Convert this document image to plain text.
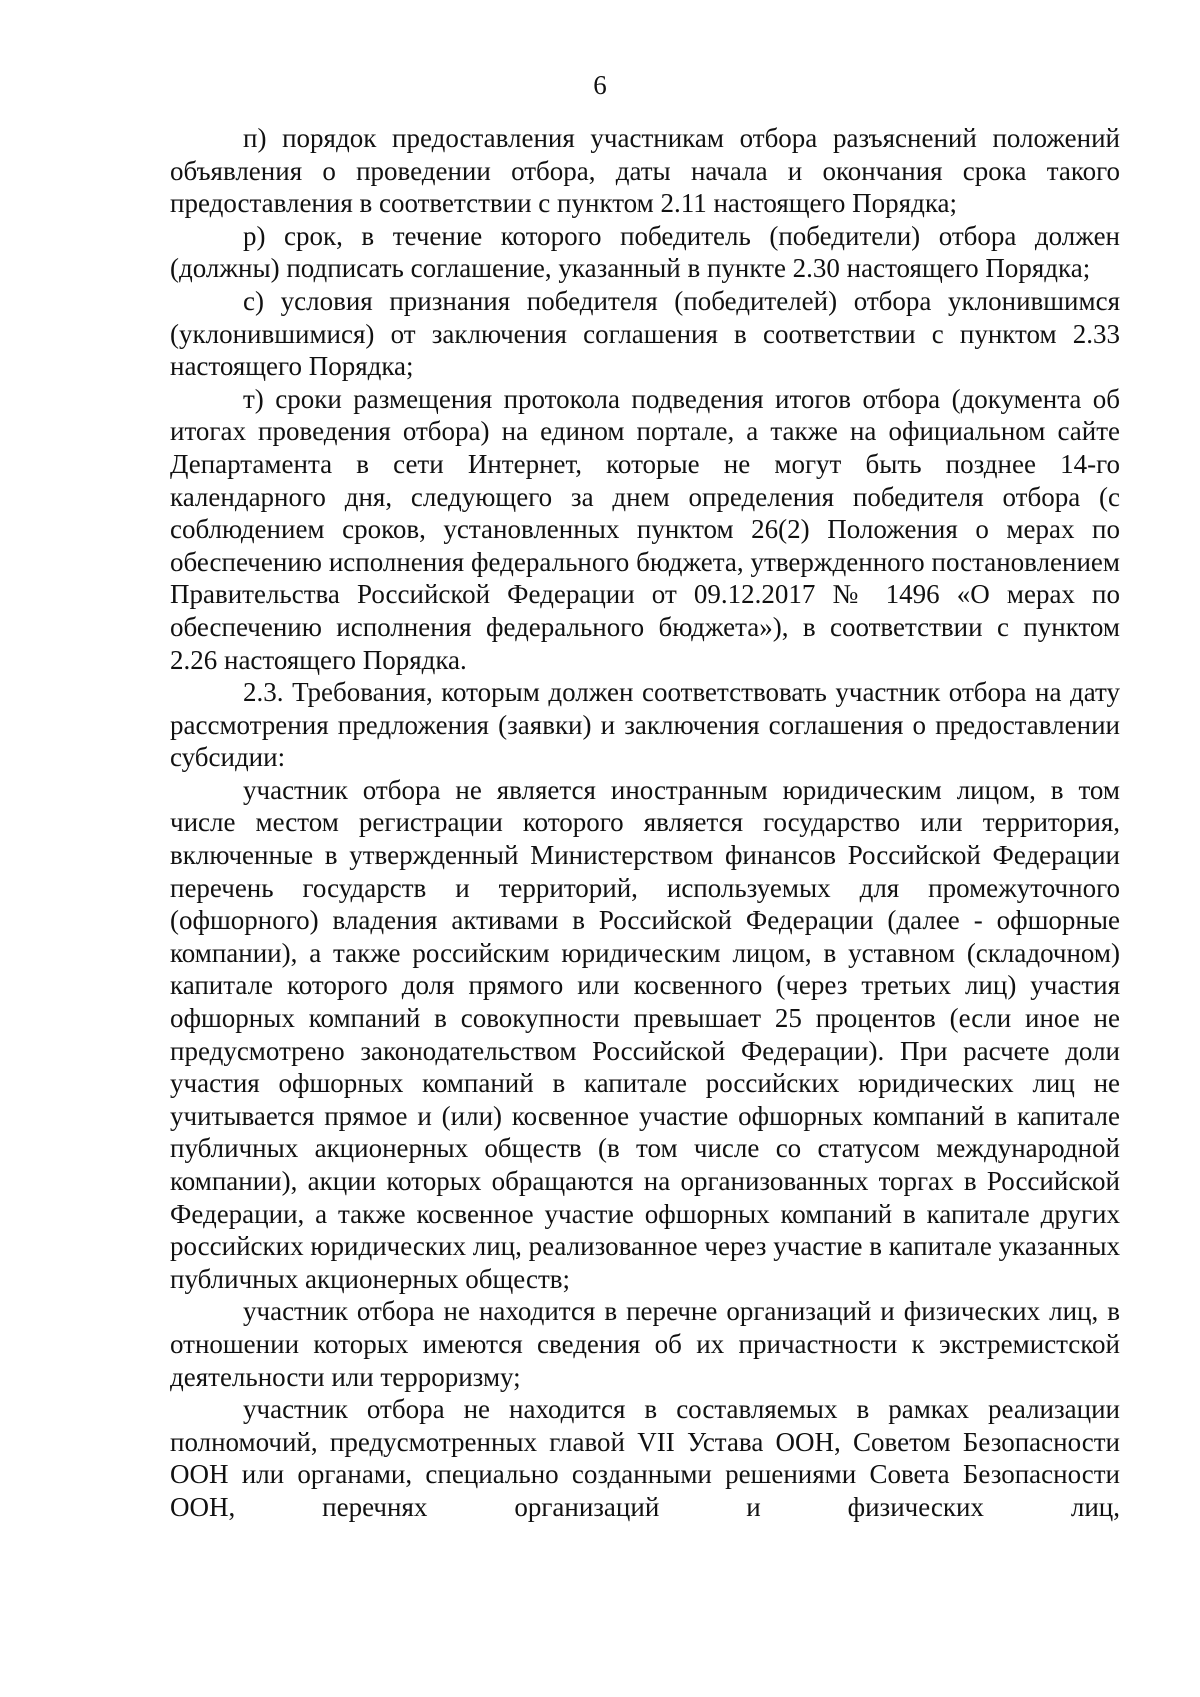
6

п) порядок предоставления участникам отбора разъяснений положений объявления о проведении отбора, даты начала и окончания срока такого предоставления в соответствии с пунктом 2.11 настоящего Порядка;

р) срок, в течение которого победитель (победители) отбора должен (должны) подписать соглашение, указанный в пункте 2.30 настоящего Порядка;

с) условия признания победителя (победителей) отбора уклонившимся (уклонившимися) от заключения соглашения в соответствии с пунктом 2.33 настоящего Порядка;

т) сроки размещения протокола подведения итогов отбора (документа об итогах проведения отбора) на едином портале, а также на официальном сайте Департамента в сети Интернет, которые не могут быть позднее 14-го календарного дня, следующего за днем определения победителя отбора (с соблюдением сроков, установленных пунктом 26(2) Положения о мерах по обеспечению исполнения федерального бюджета, утвержденного постановлением Правительства Российской Федерации от 09.12.2017 № 1496 «О мерах по обеспечению исполнения федерального бюджета»), в соответствии с пунктом 2.26 настоящего Порядка.

2.3. Требования, которым должен соответствовать участник отбора на дату рассмотрения предложения (заявки) и заключения соглашения о предоставлении субсидии:

участник отбора не является иностранным юридическим лицом, в том числе местом регистрации которого является государство или территория, включенные в утвержденный Министерством финансов Российской Федерации перечень государств и территорий, используемых для промежуточного (офшорного) владения активами в Российской Федерации (далее - офшорные компании), а также российским юридическим лицом, в уставном (складочном) капитале которого доля прямого или косвенного (через третьих лиц) участия офшорных компаний в совокупности превышает 25 процентов (если иное не предусмотрено законодательством Российской Федерации). При расчете доли участия офшорных компаний в капитале российских юридических лиц не учитывается прямое и (или) косвенное участие офшорных компаний в капитале публичных акционерных обществ (в том числе со статусом международной компании), акции которых обращаются на организованных торгах в Российской Федерации, а также косвенное участие офшорных компаний в капитале других российских юридических лиц, реализованное через участие в капитале указанных публичных акционерных обществ;

участник отбора не находится в перечне организаций и физических лиц, в отношении которых имеются сведения об их причастности к экстремистской деятельности или терроризму;

участник отбора не находится в составляемых в рамках реализации полномочий, предусмотренных главой VII Устава ООН, Советом Безопасности ООН или органами, специально созданными решениями Совета Безопасности ООН, перечнях организаций и физических лиц,
